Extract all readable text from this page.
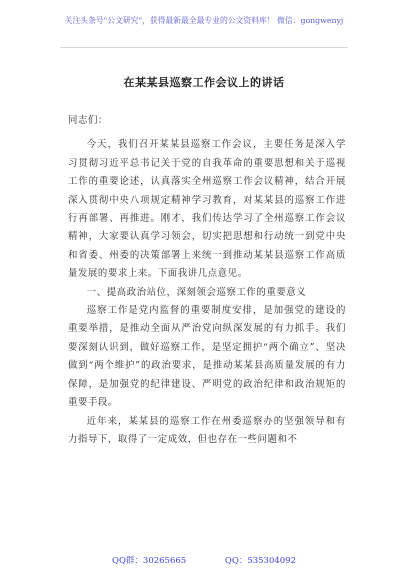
关注头条号"公文研究"，获得最新最全最专业的公文资料库！ 微信：gongwenyj
在某某县巡察工作会议上的讲话

同志们：

今天，我们召开某某县巡察工作会议，主要任务是深入学习贯彻习近平总书记关于党的自我革命的重要思想和关于巡视工作的重要论述，认真落实全州巡察工作会议精神，结合开展深入贯彻中央八项规定精神学习教育，对某某县的巡察工作进行再部署、再推进。刚才，我们传达学习了全州巡察工作会议精神，大家要认真学习领会，切实把思想和行动统一到党中央和省委、州委的决策部署上来统一到推动某某县巡察工作高质量发展的要求上来。下面我讲几点意见。

一、提高政治站位，深刻领会巡察工作的重要意义

巡察工作是党内监督的重要制度安排，是加强党的建设的重要举措，是推动全面从严治党向纵深发展的有力抓手。我们要深刻认识到，做好巡察工作，是坚定拥护“两个确立”、坚决做到“两个维护”的政治要求，是推动某某县高质量发展的有力保障，是加强党的纪律建设、严明党的政治纪律和政治规矩的重要手段。

近年来，某某县的巡察工作在州委巡察办的坚强领导和有力指导下，取得了一定成效，但也存在一些问题和不

QQ群：30265665	QQ：535304092
